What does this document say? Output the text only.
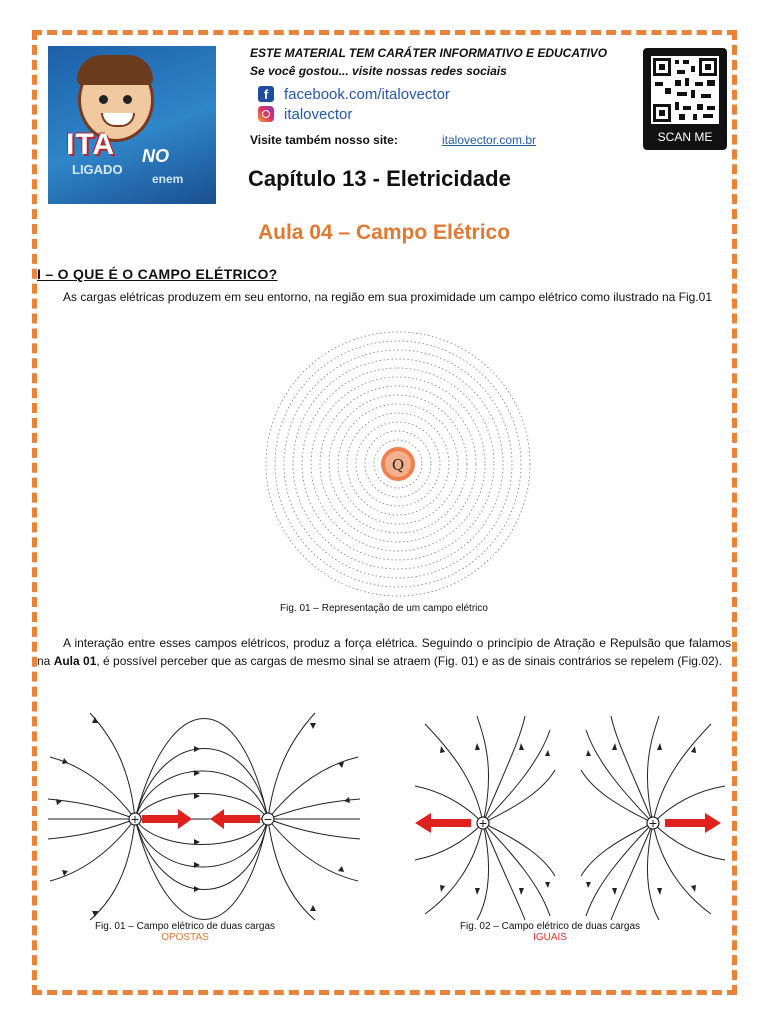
ITA NO
LIGADO
enem
ESTE MATERIAL TEM CARÁTER INFORMATIVO E EDUCATIVO
Se você gostou... visite nossas redes sociais
f	facebook.com/italovector
italovector
Visite também nosso site:	italovector.com.br	SCAN ME
Capítulo 13 - Eletricidade
Aula 04 – Campo Elétrico
I – O QUE É O CAMPO ELÉTRICO?
As cargas elétricas produzem em seu entorno, na região em sua proximidade um campo elétrico como ilustrado na Fig.01
Q
Fig. 01 – Representação de um campo elétrico
A interação entre esses campos elétricos, produz a força elétrica. Seguindo o princípio de Atração e Repulsão que falamos na Aula 01, é possível perceber que as cargas de mesmo sinal se atraem (Fig. 01) e as de sinais contrários se repelem (Fig.02).
+	−
Fig. 01 – Campo elétrico de duas cargas
OPOSTAS
+	+
Fig. 02 – Campo elétrico de duas cargas
IGUAIS
